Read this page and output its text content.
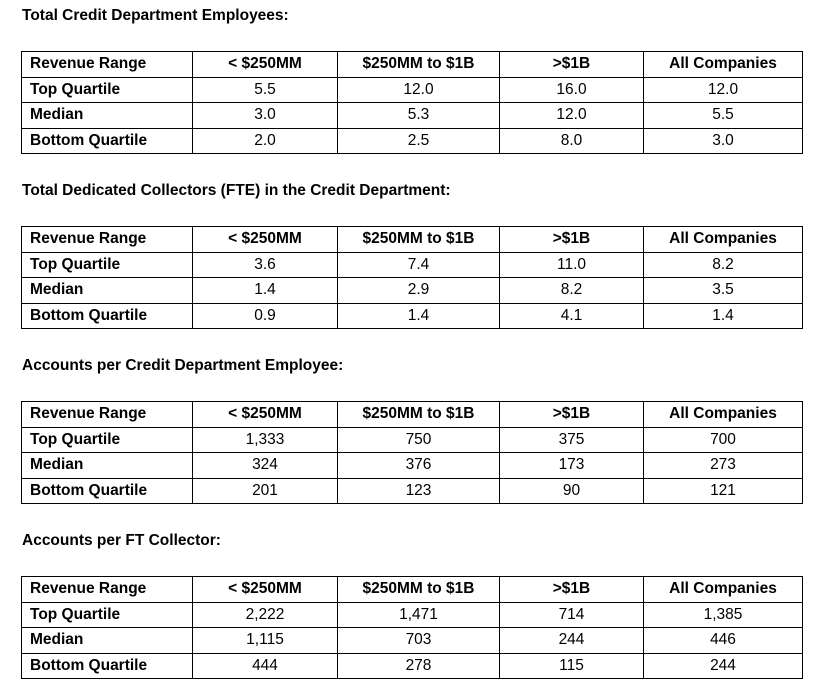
Total Credit Department Employees:
Revenue Range	< $250MM	$250MM to $1B	>$1B	All Companies
Top Quartile	5.5	12.0	16.0	12.0
Median	3.0	5.3	12.0	5.5
Bottom Quartile	2.0	2.5	8.0	3.0
Total Dedicated Collectors (FTE) in the Credit Department:
Revenue Range	< $250MM	$250MM to $1B	>$1B	All Companies
Top Quartile	3.6	7.4	11.0	8.2
Median	1.4	2.9	8.2	3.5
Bottom Quartile	0.9	1.4	4.1	1.4
Accounts per Credit Department Employee:
Revenue Range	< $250MM	$250MM to $1B	>$1B	All Companies
Top Quartile	1,333	750	375	700
Median	324	376	173	273
Bottom Quartile	201	123	90	121
Accounts per FT Collector:
Revenue Range	< $250MM	$250MM to $1B	>$1B	All Companies
Top Quartile	2,222	1,471	714	1,385
Median	1,115	703	244	446
Bottom Quartile	444	278	115	244
